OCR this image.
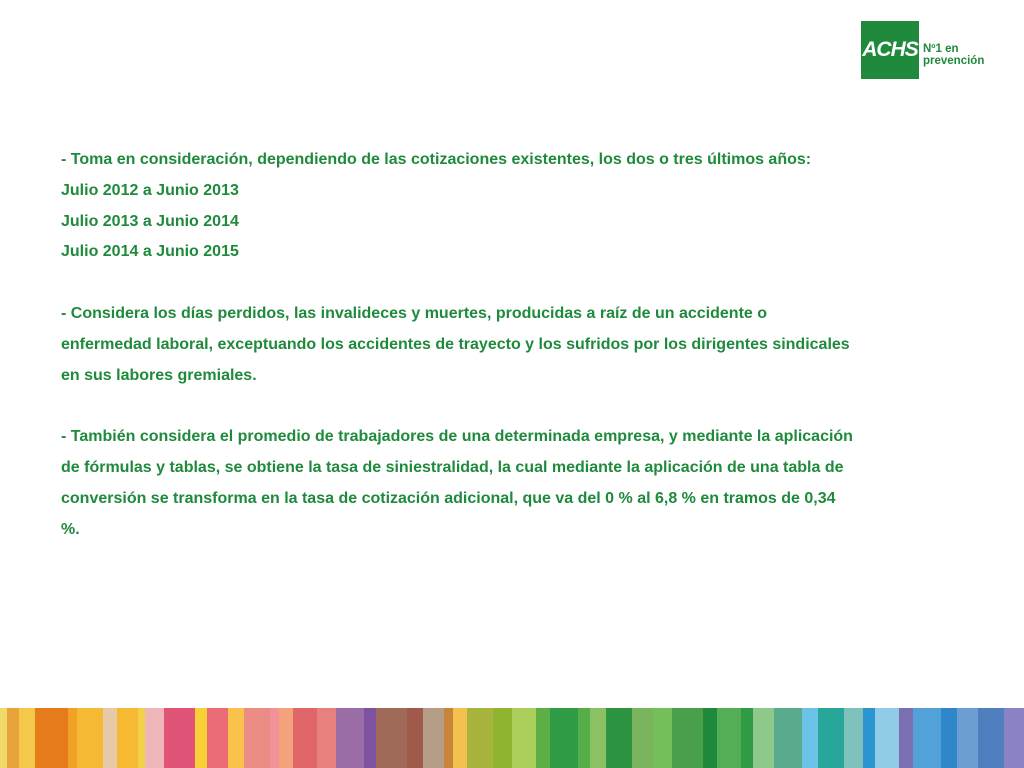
ACHS Nº1 en
prevención

- Toma en consideración, dependiendo de las cotizaciones existentes, los dos o tres últimos años:

Julio 2012 a Junio 2013

Julio 2013 a Junio 2014

Julio 2014 a Junio 2015

- Considera los días perdidos, las invalideces y muertes, producidas a raíz de un accidente o

enfermedad laboral, exceptuando los accidentes de trayecto y los sufridos por los dirigentes sindicales

en sus labores gremiales.

- También considera el promedio de trabajadores de una determinada empresa, y mediante la aplicación

de fórmulas y tablas, se obtiene la tasa de siniestralidad, la cual mediante la aplicación de una tabla de

conversión se transforma en la tasa de cotización adicional, que va del 0 % al 6,8 % en tramos de 0,34

%.
